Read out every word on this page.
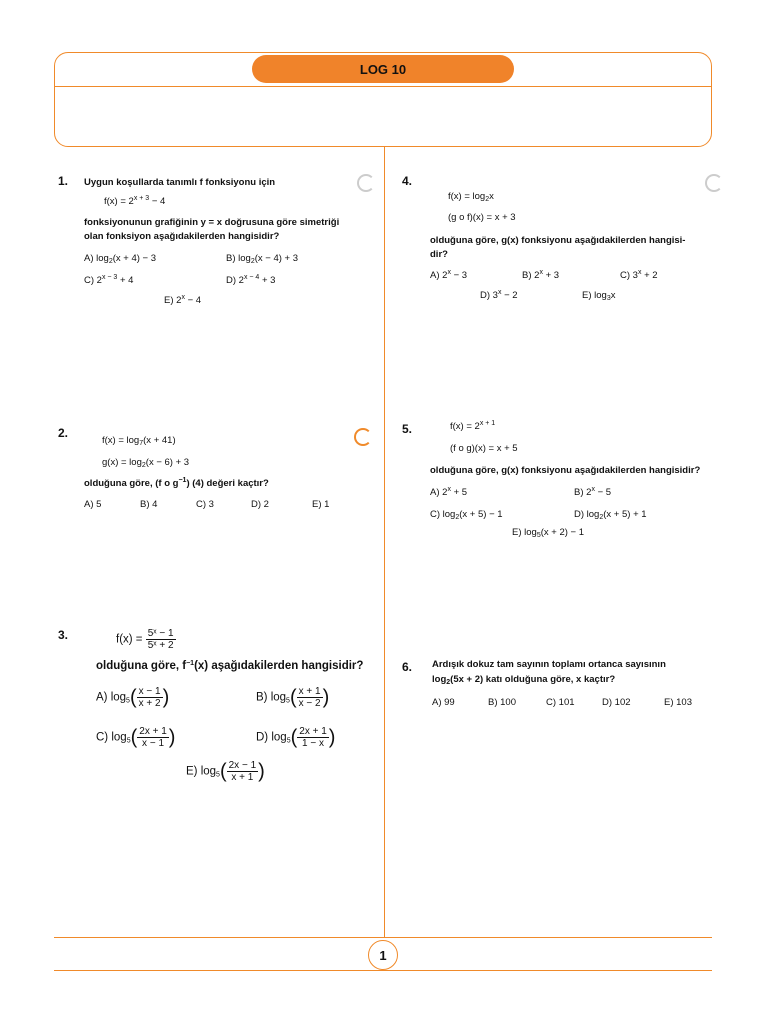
LOG 10
1. Uygun koşullarda tanımlı f fonksiyonu için
$f(x) = 2^{x + 3} - 4$
fonksiyonunun grafiğinin y = x doğrusuna göre simetriği
olan fonksiyon aşağıdakilerden hangisidir?
A) $\log_2(x + 4) - 3$	B) $\log_2(x - 4) + 3$
C) $2^{x - 3} + 4$	D) $2^{x - 4} + 3$
E) $2^x - 4$
4.
$f(x) = \log_2x$
(g o f)(x) = x + 3
olduğuna göre, g(x) fonksiyonu aşağıdakilerden hangisi-
dir?
A) $2^x - 3$	B) $2^x + 3$	C) $3^x + 2$
D) $3^x - 2$	E) $\log_3x$
2.
$f(x) = \log_7(x + 41)$
$g(x) = \log_2(x - 6) + 3$
olduğuna göre, (f o $g^{-1}$) (4) değeri kaçtır?
A) 5	B) 4	C) 3	D) 2	E) 1
5.	$f(x) = 2^{x + 1}$
(f o g)(x) = x + 5
olduğuna göre, g(x) fonksiyonu aşağıdakilerden hangisidir?
A) $2^x + 5$	B) $2^x - 5$
C) $\log_2(x + 5) - 1$	D) $\log_2(x + 5) + 1$
E) $\log_5(x + 2) - 1$
3.	$f(x) = \frac{\text{5ˣ − 1}}{\text{5ˣ + 2}}$
olduğuna göre, $f^{-1}(x)$ aşağıdakilerden hangisidir?
A) $\log_5( \frac{x - 1}{x + 2}$ )	B) $\log_5( \frac{x + 1}{x - 2}$ )
C) $\log_5( \frac{2x + 1}{x - 1}$ )	D) $\log_5( \frac{2x + 1}{1 - x}$ )
E) $\log_5( \frac{2x - 1}{x + 1}$ )
6. Ardışık dokuz tam sayının toplamı ortanca sayısının
$\log_2(5x + 2)$ katı olduğuna göre, x kaçtır?
A) 99	B) 100	C) 101	D) 102	E) 103
1
